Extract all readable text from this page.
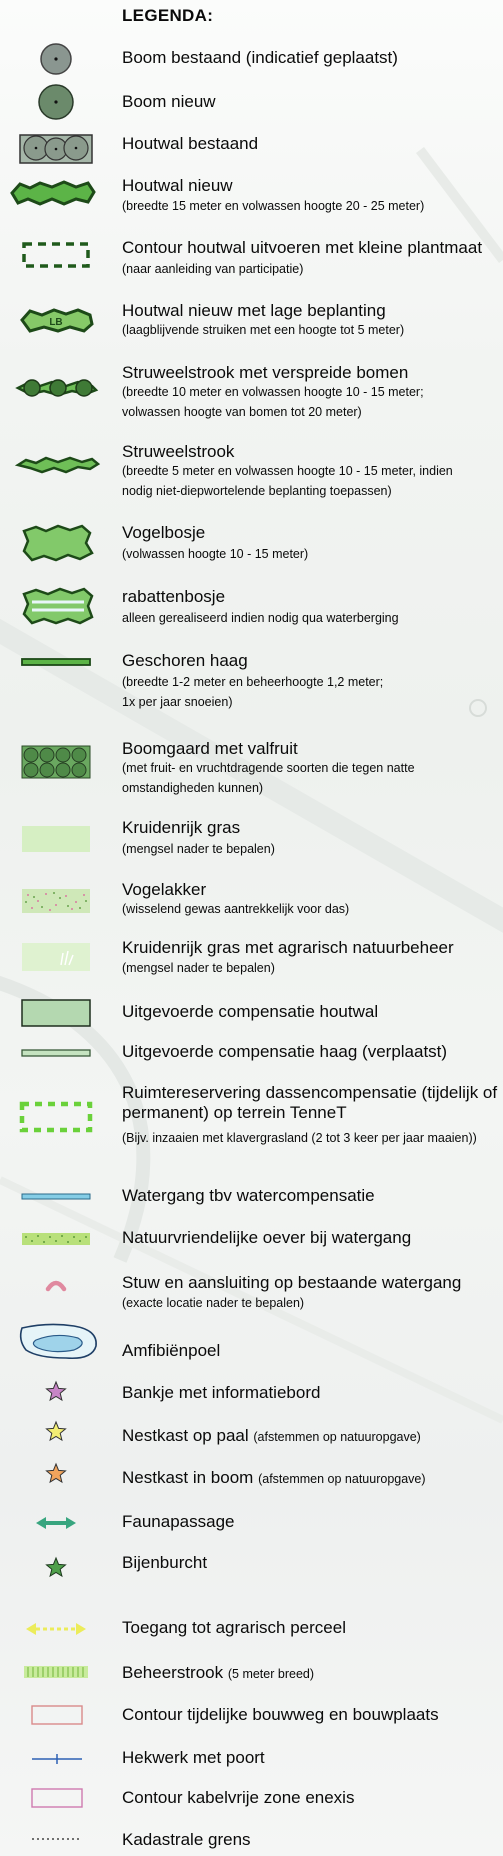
LEGENDA:
Boom bestaand (indicatief geplaatst)
Boom nieuw
Houtwal bestaand
Houtwal nieuw
(breedte 15 meter en volwassen hoogte 20 - 25 meter)
Contour houtwal uitvoeren met kleine plantmaat
(naar aanleiding van participatie)
LB
Houtwal nieuw met lage beplanting
(laagblijvende struiken met een hoogte tot 5 meter)
Struweelstrook met verspreide bomen
(breedte 10 meter en volwassen hoogte 10 - 15 meter;
volwassen hoogte van bomen tot 20 meter)
Struweelstrook
(breedte 5 meter en volwassen hoogte 10 - 15 meter, indien
nodig niet-diepwortelende beplanting toepassen)
Vogelbosje
(volwassen hoogte 10 - 15 meter)
rabattenbosje
alleen gerealiseerd indien nodig qua waterberging
Geschoren haag
(breedte 1-2 meter en beheerhoogte 1,2 meter;
1x per jaar snoeien)
Boomgaard met valfruit
(met fruit- en vruchtdragende soorten die tegen natte
omstandigheden kunnen)
Kruidenrijk gras
(mengsel nader te bepalen)
Vogelakker
(wisselend gewas aantrekkelijk voor das)
Kruidenrijk gras met agrarisch natuurbeheer
(mengsel nader te bepalen)
Uitgevoerde compensatie houtwal
Uitgevoerde compensatie haag (verplaatst)
Ruimtereservering dassencompensatie (tijdelijk of permanent) op terrein TenneT
(Bijv. inzaaien met klavergrasland (2 tot 3 keer per jaar maaien))
Watergang tbv watercompensatie
Natuurvriendelijke oever bij watergang
Stuw en aansluiting op bestaande watergang
(exacte locatie nader te bepalen)
Amfibiënpoel
Bankje met informatiebord
Nestkast op paal (afstemmen op natuuropgave)
Nestkast in boom (afstemmen op natuuropgave)
Faunapassage
Bijenburcht
Toegang tot agrarisch perceel
Beheerstrook (5 meter breed)
Contour tijdelijke bouwweg en bouwplaats
Hekwerk met poort
Contour kabelvrije zone enexis
Kadastrale grens
